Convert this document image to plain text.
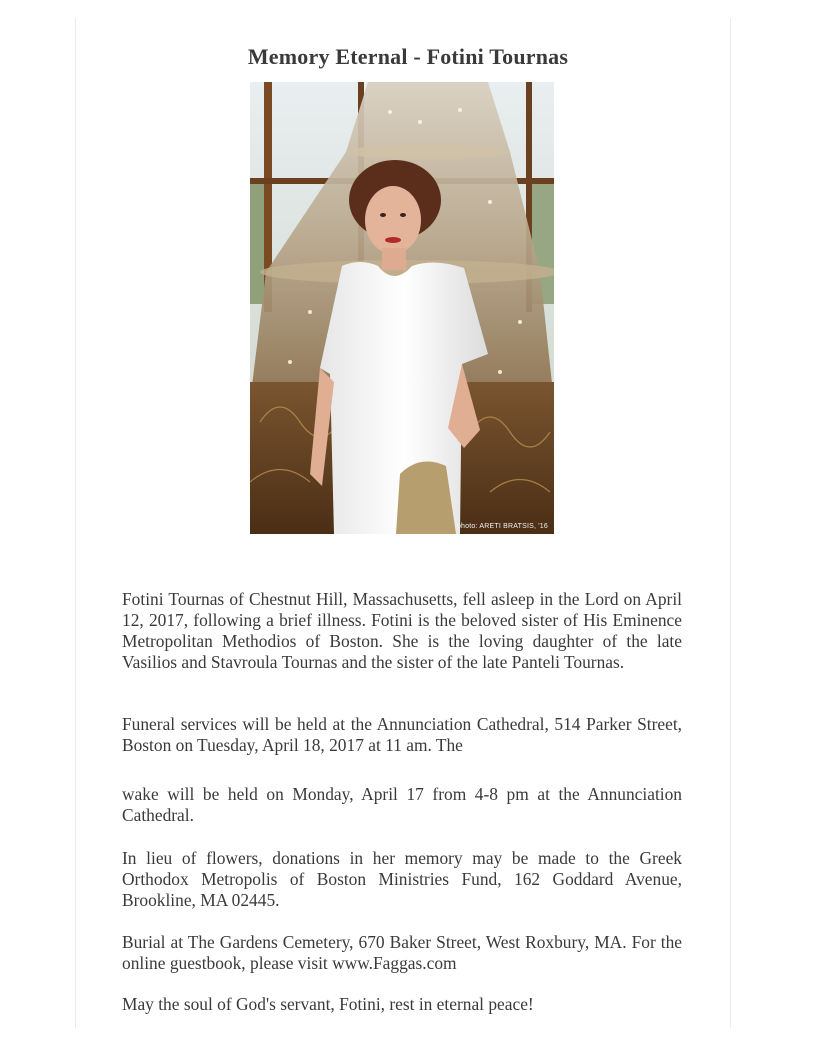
Memory Eternal - Fotini Tournas
photo: ARETI BRATSIS, '16

Fotini Tournas of Chestnut Hill, Massachusetts, fell asleep in the Lord on April 12, 2017, following a brief illness. Fotini is the beloved sister of His Eminence Metropolitan Methodios of Boston. She is the loving daughter of the late Vasilios and Stavroula Tournas and the sister of the late Panteli Tournas.

Funeral services will be held at the Annunciation Cathedral, 514 Parker Street, Boston on Tuesday, April 18, 2017 at 11 am. The

wake will be held on Monday, April 17 from 4-8 pm at the Annunciation Cathedral.

In lieu of flowers, donations in her memory may be made to the Greek Orthodox Metropolis of Boston Ministries Fund, 162 Goddard Avenue, Brookline, MA 02445.

Burial at The Gardens Cemetery, 670 Baker Street, West Roxbury, MA. For the online guestbook, please visit www.Faggas.com

May the soul of God's servant, Fotini, rest in eternal peace!
